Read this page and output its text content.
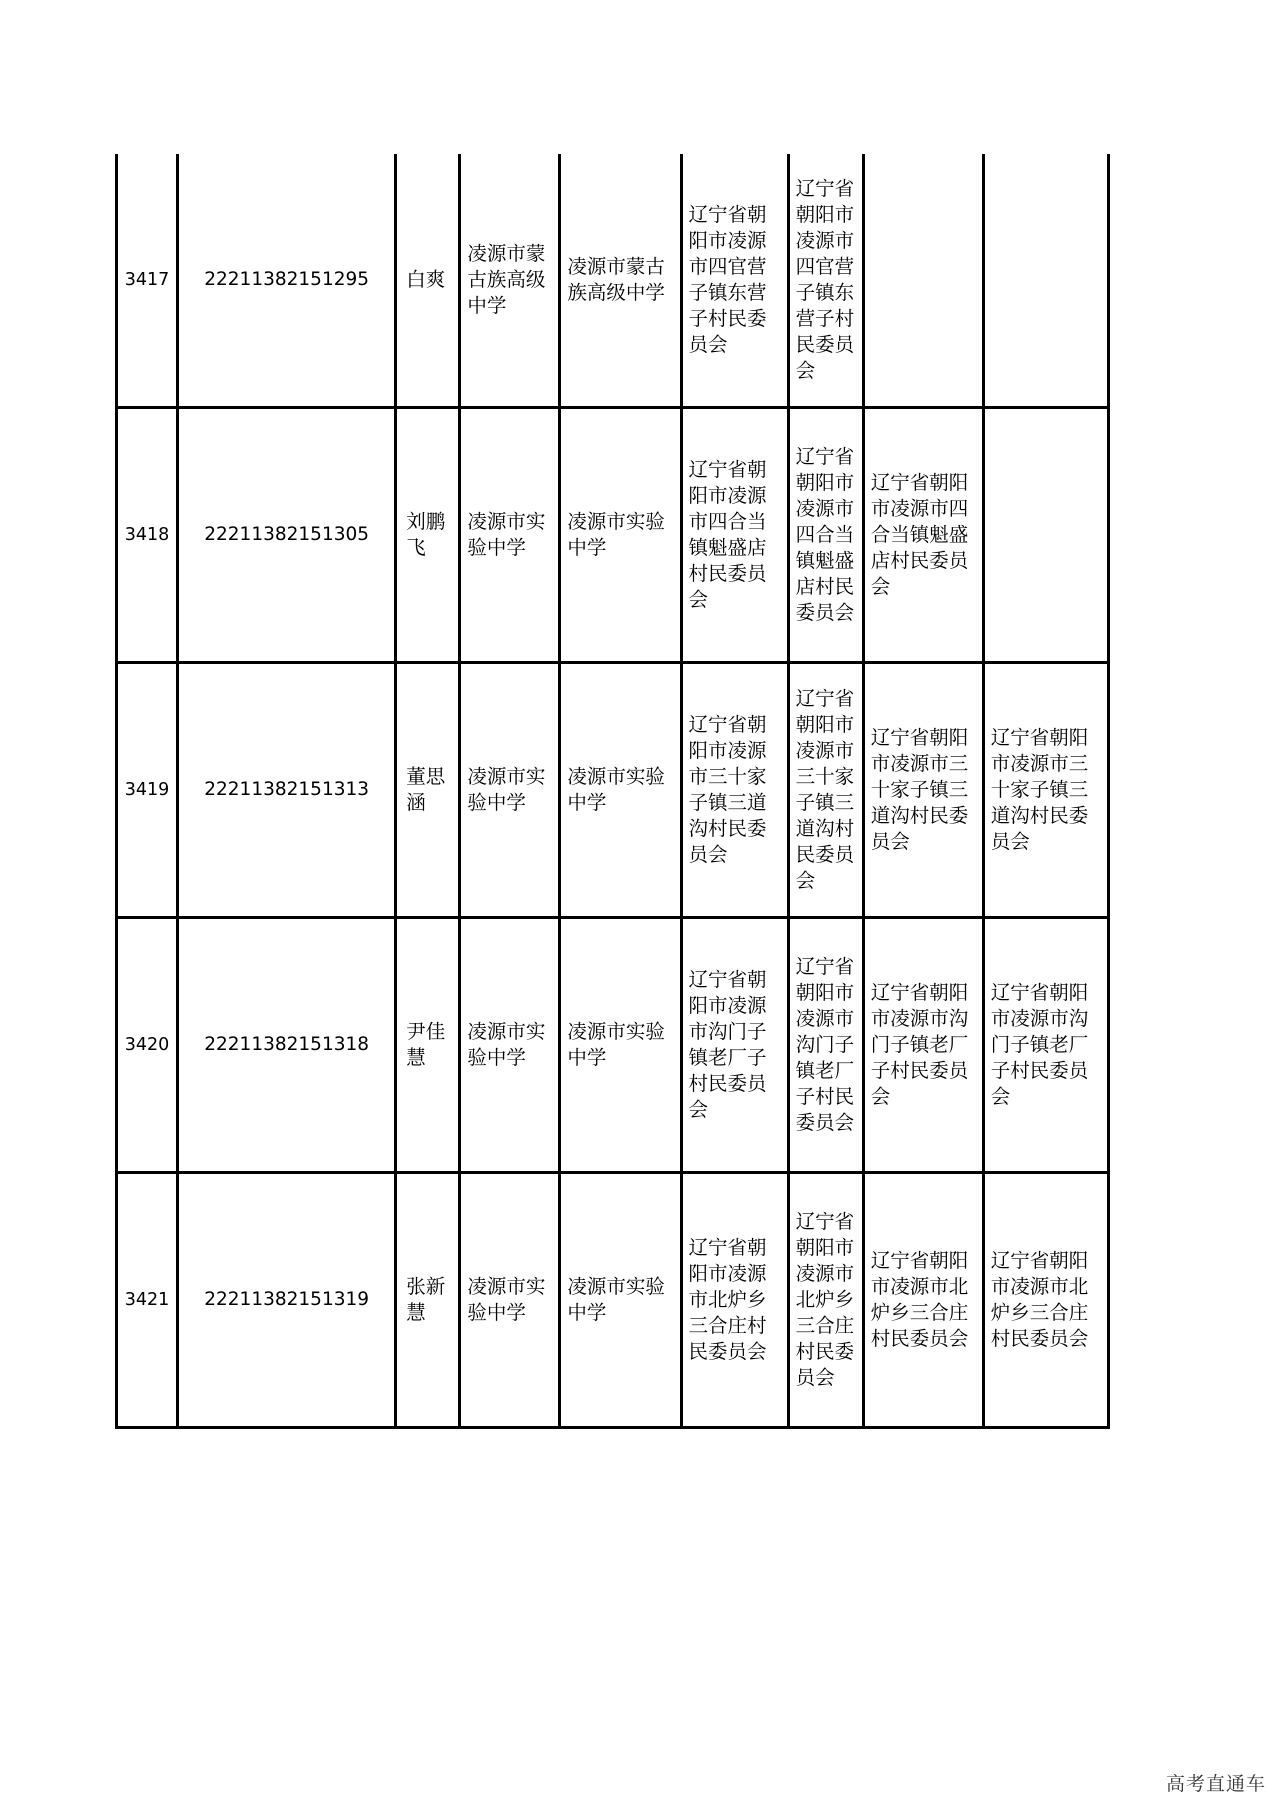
3417	22211382151295	白爽	凌源市蒙古族高级中学	凌源市蒙古族高级中学	辽宁省朝阳市凌源市四官营子镇东营子村民委员会	辽宁省朝阳市凌源市四官营子镇东营子村民委员会		
3418	22211382151305	刘鹏飞	凌源市实验中学	凌源市实验中学	辽宁省朝阳市凌源市四合当镇魁盛店村民委员会	辽宁省朝阳市凌源市四合当镇魁盛店村民委员会	辽宁省朝阳市凌源市四合当镇魁盛店村民委员会	
3419	22211382151313	董思涵	凌源市实验中学	凌源市实验中学	辽宁省朝阳市凌源市三十家子镇三道沟村民委员会	辽宁省朝阳市凌源市三十家子镇三道沟村民委员会	辽宁省朝阳市凌源市三十家子镇三道沟村民委员会	辽宁省朝阳市凌源市三十家子镇三道沟村民委员会
3420	22211382151318	尹佳慧	凌源市实验中学	凌源市实验中学	辽宁省朝阳市凌源市沟门子镇老厂子村民委员会	辽宁省朝阳市凌源市沟门子镇老厂子村民委员会	辽宁省朝阳市凌源市沟门子镇老厂子村民委员会	辽宁省朝阳市凌源市沟门子镇老厂子村民委员会
3421	22211382151319	张新慧	凌源市实验中学	凌源市实验中学	辽宁省朝阳市凌源市北炉乡三合庄村民委员会	辽宁省朝阳市凌源市北炉乡三合庄村民委员会	辽宁省朝阳市凌源市北炉乡三合庄村民委员会	辽宁省朝阳市凌源市北炉乡三合庄村民委员会
高考直通车
